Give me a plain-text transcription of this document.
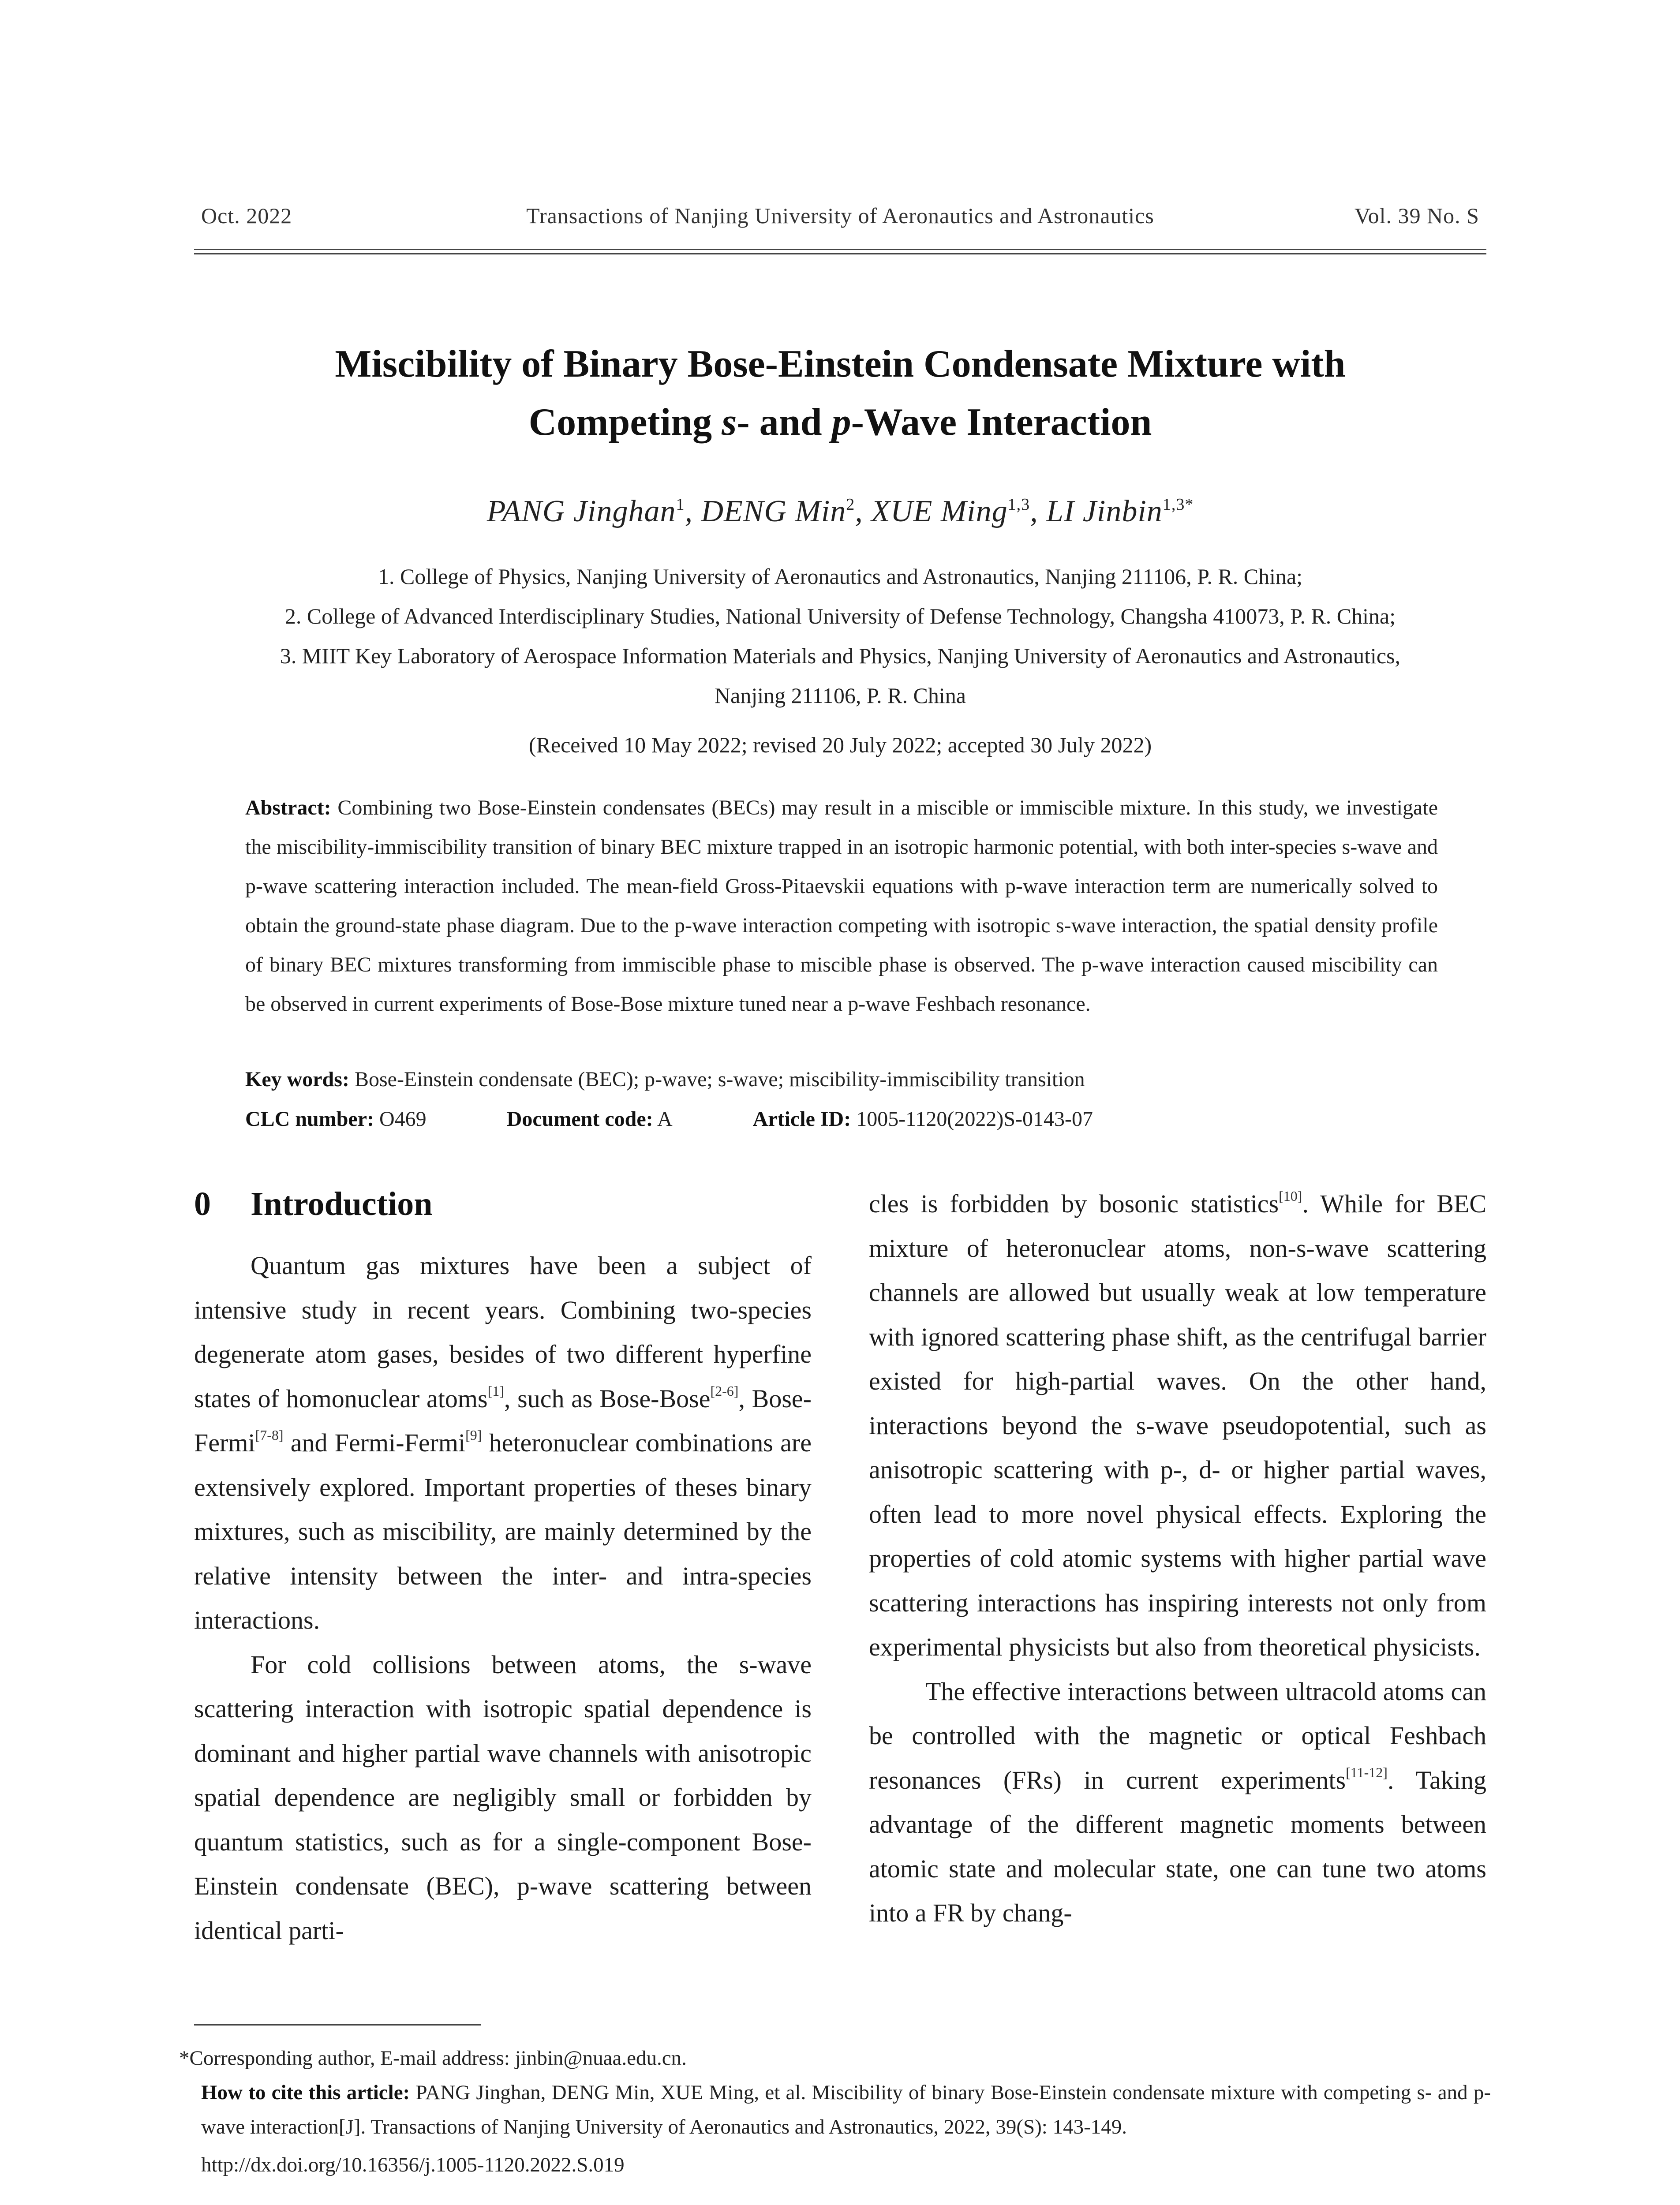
Oct. 2022	Transactions of Nanjing University of Aeronautics and Astronautics	Vol. 39 No. S
Miscibility of Binary Bose-Einstein Condensate Mixture with
Competing s- and p-Wave Interaction
PANG Jinghan$^1$, DENG Min$^2$, XUE Ming$^{1,3}$, LI Jinbin$^{1,3*}$
1. College of Physics, Nanjing University of Aeronautics and Astronautics, Nanjing 211106, P. R. China;
2. College of Advanced Interdisciplinary Studies, National University of Defense Technology, Changsha 410073, P. R. China;
3. MIIT Key Laboratory of Aerospace Information Materials and Physics, Nanjing University of Aeronautics and Astronautics,
Nanjing 211106, P. R. China
(Received 10 May 2022; revised 20 July 2022; accepted 30 July 2022)
Abstract: Combining two Bose-Einstein condensates (BECs) may result in a miscible or immiscible mixture. In this study, we investigate the miscibility-immiscibility transition of binary BEC mixture trapped in an isotropic harmonic potential, with both inter-species s-wave and p-wave scattering interaction included. The mean-field Gross-Pitaevskii equations with p-wave interaction term are numerically solved to obtain the ground-state phase diagram. Due to the p-wave interaction competing with isotropic s-wave interaction, the spatial density profile of binary BEC mixtures transforming from immiscible phase to miscible phase is observed. The p-wave interaction caused miscibility can be observed in current experiments of Bose-Bose mixture tuned near a p-wave Feshbach resonance.
Key words: Bose-Einstein condensate (BEC); p-wave; s-wave; miscibility-immiscibility transition
CLC number: O469	Document code: A	Article ID: 1005-1120(2022)S-0143-07
0 Introduction

Quantum gas mixtures have been a subject of intensive study in recent years. Combining two-species degenerate atom gases, besides of two different hyperfine states of homonuclear atoms[1], such as Bose-Bose[2-6], Bose-Fermi[7-8] and Fermi-Fermi[9] heteronuclear combinations are extensively explored. Important properties of theses binary mixtures, such as miscibility, are mainly determined by the relative intensity between the inter- and intra-species interactions.

For cold collisions between atoms, the s-wave scattering interaction with isotropic spatial dependence is dominant and higher partial wave channels with anisotropic spatial dependence are negligibly small or forbidden by quantum statistics, such as for a single-component Bose-Einstein condensate (BEC), p-wave scattering between identical parti-

cles is forbidden by bosonic statistics[10]. While for BEC mixture of heteronuclear atoms, non-s-wave scattering channels are allowed but usually weak at low temperature with ignored scattering phase shift, as the centrifugal barrier existed for high-partial waves. On the other hand, interactions beyond the s-wave pseudopotential, such as anisotropic scattering with p-, d- or higher partial waves, often lead to more novel physical effects. Exploring the properties of cold atomic systems with higher partial wave scattering interactions has inspiring interests not only from experimental physicists but also from theoretical physicists.

The effective interactions between ultracold atoms can be controlled with the magnetic or optical Feshbach resonances (FRs) in current experiments[11-12]. Taking advantage of the different magnetic moments between atomic state and molecular state, one can tune two atoms into a FR by chang-

*Corresponding author, E-mail address: jinbin@nuaa.edu.cn.
How to cite this article: PANG Jinghan, DENG Min, XUE Ming, et al. Miscibility of binary Bose-Einstein condensate mixture with competing s- and p-wave interaction[J]. Transactions of Nanjing University of Aeronautics and Astronautics, 2022, 39(S): 143-149.
http://dx.doi.org/10.16356/j.1005-1120.2022.S.019
